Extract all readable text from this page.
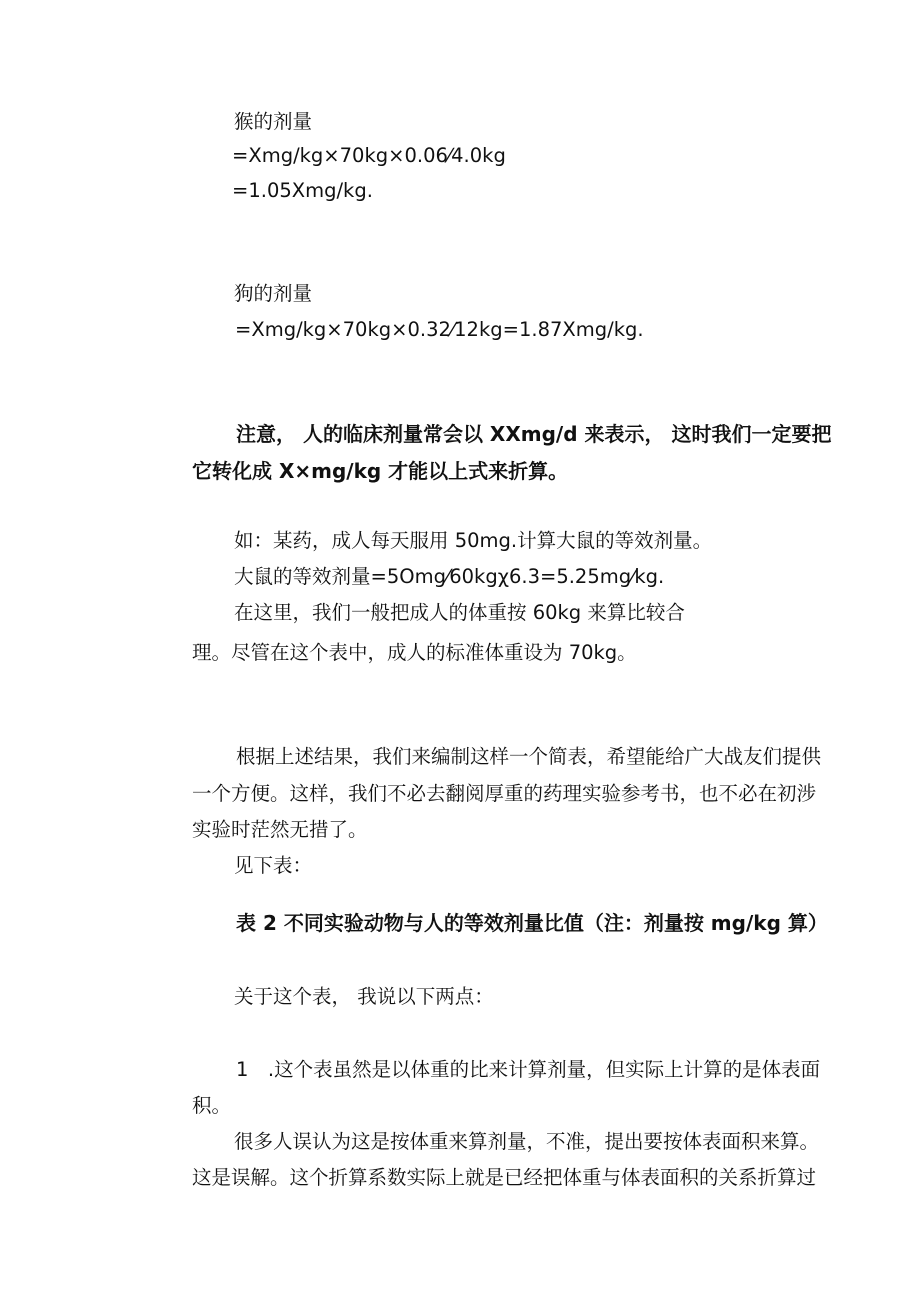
猴的剂量
=Xmg/kg×70kg×0.06⁄4.0kg
=1.05Xmg/kg.
狗的剂量
=Xmg/kg×70kg×0.32⁄12kg=1.87Xmg/kg.
注意， 人的临床剂量常会以 XXmg/d 来表示， 这时我们一定要把
它转化成 X×mg/kg 才能以上式来折算。
如：某药，成人每天服用 50mg.计算大鼠的等效剂量。
大鼠的等效剂量=5Omg⁄60kgχ6.3=5.25mg⁄kg.
在这里，我们一般把成人的体重按 60kg 来算比较合
理。尽管在这个表中，成人的标准体重设为 70kg。
根据上述结果，我们来编制这样一个简表，希望能给广大战友们提供
一个方便。这样，我们不必去翻阅厚重的药理实验参考书，也不必在初涉
实验时茫然无措了。
见下表：
表 2 不同实验动物与人的等效剂量比值（注：剂量按 mg/kg 算）
关于这个表， 我说以下两点：
1　.这个表虽然是以体重的比来计算剂量，但实际上计算的是体表面
积。
很多人误认为这是按体重来算剂量，不准，提出要按体表面积来算。
这是误解。这个折算系数实际上就是已经把体重与体表面积的关系折算过
